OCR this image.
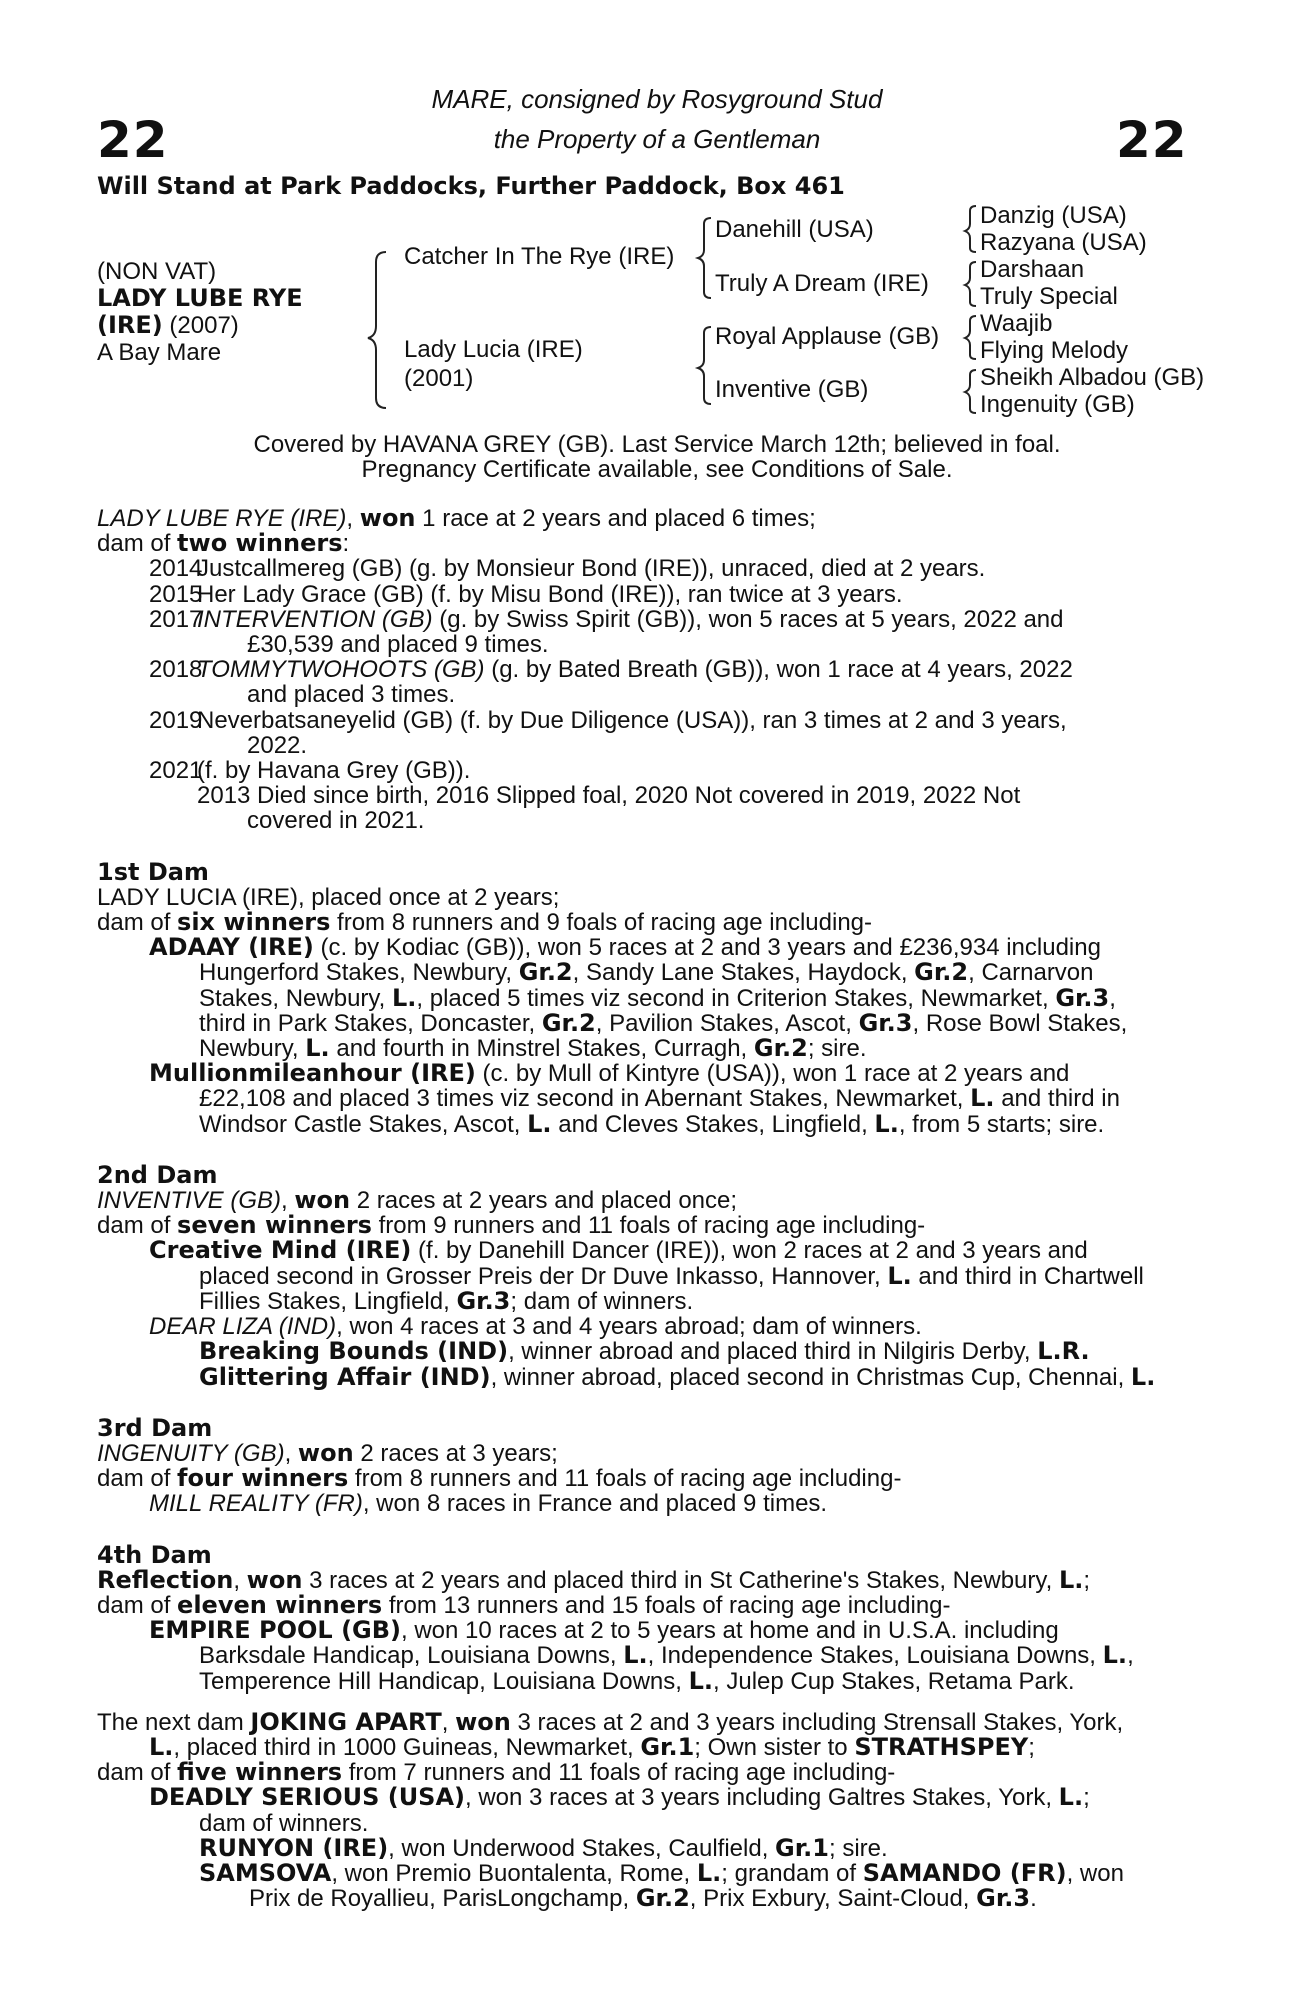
22	22
MARE, consigned by Rosyground Stud
the Property of a Gentleman
Will Stand at Park Paddocks, Further Paddock, Box 461
(NON VAT)
LADY LUBE RYE
(IRE) (2007)
A Bay Mare
Catcher In The Rye (IRE)
Lady Lucia (IRE)
(2001)
Danehill (USA)
Truly A Dream (IRE)
Royal Applause (GB)
Inventive (GB)
Danzig (USA)
Razyana (USA)
Darshaan
Truly Special
Waajib
Flying Melody
Sheikh Albadou (GB)
Ingenuity (GB)
Covered by HAVANA GREY (GB). Last Service March 12th; believed in foal.
Pregnancy Certificate available, see Conditions of Sale.
LADY LUBE RYE (IRE), won 1 race at 2 years and placed 6 times;
dam of two winners:
2014
Justcallmereg (GB) (g. by Monsieur Bond (IRE)), unraced, died at 2 years.
2015
Her Lady Grace (GB) (f. by Misu Bond (IRE)), ran twice at 3 years.
2017
INTERVENTION (GB) (g. by Swiss Spirit (GB)), won 5 races at 5 years, 2022 and
£30,539 and placed 9 times.
2018
TOMMYTWOHOOTS (GB) (g. by Bated Breath (GB)), won 1 race at 4 years, 2022
and placed 3 times.
2019
Neverbatsaneyelid (GB) (f. by Due Diligence (USA)), ran 3 times at 2 and 3 years,
2022.
2021
(f. by Havana Grey (GB)).
2013 Died since birth, 2016 Slipped foal, 2020 Not covered in 2019, 2022 Not
covered in 2021.
1st Dam
LADY LUCIA (IRE), placed once at 2 years;
dam of six winners from 8 runners and 9 foals of racing age including-
ADAAY (IRE) (c. by Kodiac (GB)), won 5 races at 2 and 3 years and £236,934 including
Hungerford Stakes, Newbury, Gr.2, Sandy Lane Stakes, Haydock, Gr.2, Carnarvon
Stakes, Newbury, L., placed 5 times viz second in Criterion Stakes, Newmarket, Gr.3,
third in Park Stakes, Doncaster, Gr.2, Pavilion Stakes, Ascot, Gr.3, Rose Bowl Stakes,
Newbury, L. and fourth in Minstrel Stakes, Curragh, Gr.2; sire.
Mullionmileanhour (IRE) (c. by Mull of Kintyre (USA)), won 1 race at 2 years and
£22,108 and placed 3 times viz second in Abernant Stakes, Newmarket, L. and third in
Windsor Castle Stakes, Ascot, L. and Cleves Stakes, Lingfield, L., from 5 starts; sire.
2nd Dam
INVENTIVE (GB), won 2 races at 2 years and placed once;
dam of seven winners from 9 runners and 11 foals of racing age including-
Creative Mind (IRE) (f. by Danehill Dancer (IRE)), won 2 races at 2 and 3 years and
placed second in Grosser Preis der Dr Duve Inkasso, Hannover, L. and third in Chartwell
Fillies Stakes, Lingfield, Gr.3; dam of winners.
DEAR LIZA (IND), won 4 races at 3 and 4 years abroad; dam of winners.
Breaking Bounds (IND), winner abroad and placed third in Nilgiris Derby, L.R.
Glittering Affair (IND), winner abroad, placed second in Christmas Cup, Chennai, L.
3rd Dam
INGENUITY (GB), won 2 races at 3 years;
dam of four winners from 8 runners and 11 foals of racing age including-
MILL REALITY (FR), won 8 races in France and placed 9 times.
4th Dam
Reflection, won 3 races at 2 years and placed third in St Catherine's Stakes, Newbury, L.;
dam of eleven winners from 13 runners and 15 foals of racing age including-
EMPIRE POOL (GB), won 10 races at 2 to 5 years at home and in U.S.A. including
Barksdale Handicap, Louisiana Downs, L., Independence Stakes, Louisiana Downs, L.,
Temperence Hill Handicap, Louisiana Downs, L., Julep Cup Stakes, Retama Park.
The next dam JOKING APART, won 3 races at 2 and 3 years including Strensall Stakes, York,
L., placed third in 1000 Guineas, Newmarket, Gr.1; Own sister to STRATHSPEY;
dam of five winners from 7 runners and 11 foals of racing age including-
DEADLY SERIOUS (USA), won 3 races at 3 years including Galtres Stakes, York, L.;
dam of winners.
RUNYON (IRE), won Underwood Stakes, Caulfield, Gr.1; sire.
SAMSOVA, won Premio Buontalenta, Rome, L.; grandam of SAMANDO (FR), won
Prix de Royallieu, ParisLongchamp, Gr.2, Prix Exbury, Saint-Cloud, Gr.3.
